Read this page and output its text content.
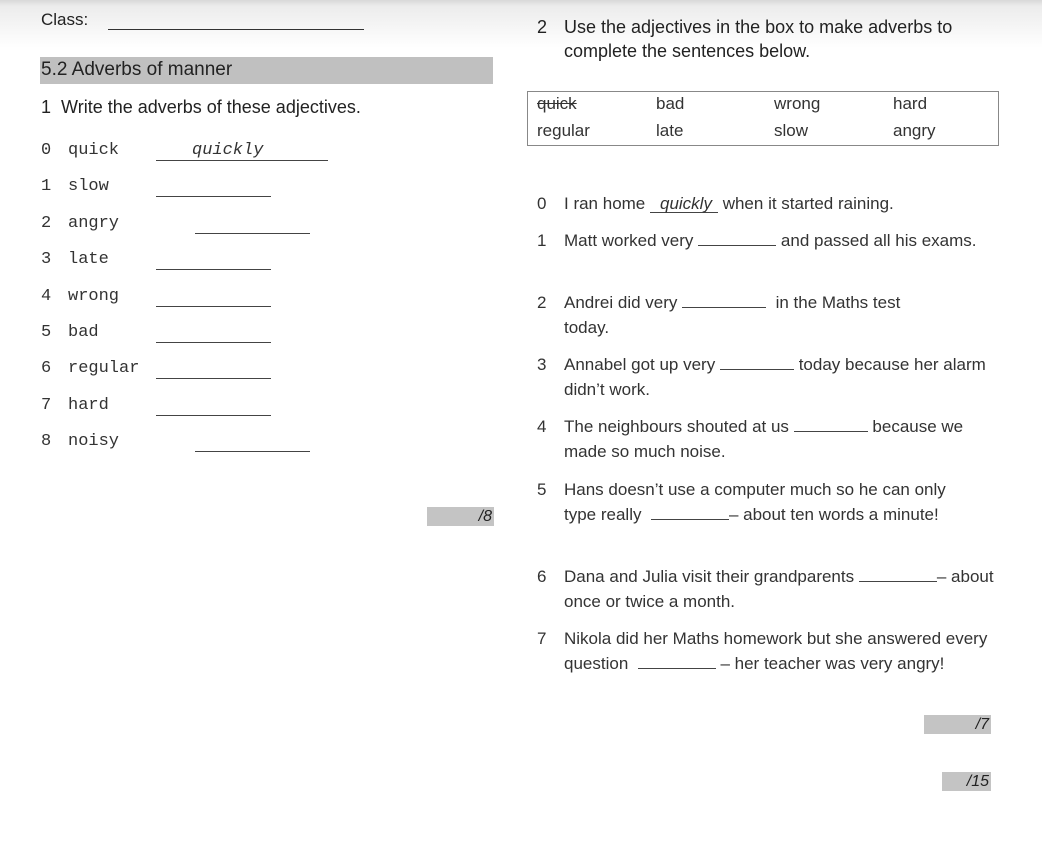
Class:
5.2 Adverbs of manner
1 Write the adverbs of these adjectives.
0 quick	quickly
1 slow
2 angry
3 late
4 wrong
5 bad
6 regular
7 hard
8 noisy
/8
2 Use the adjectives in the box to make adverbs to complete the sentences below.
quick	bad	wrong	hard
regular	late	slow	angry
0 I ran home quickly when it started raining.
1 Matt worked very	and passed all his exams.
2 Andrei did very	in the Maths test today.
3 Annabel got up very	today because her alarm didn’t work.
4 The neighbours shouted at us	because we made so much noise.
5 Hans doesn’t use a computer much so he can only type really	– about ten words a minute!
6 Dana and Julia visit their grandparents	– about once or twice a month.
7 Nikola did her Maths homework but she answered every question	– her teacher was very angry!
/7
/15
